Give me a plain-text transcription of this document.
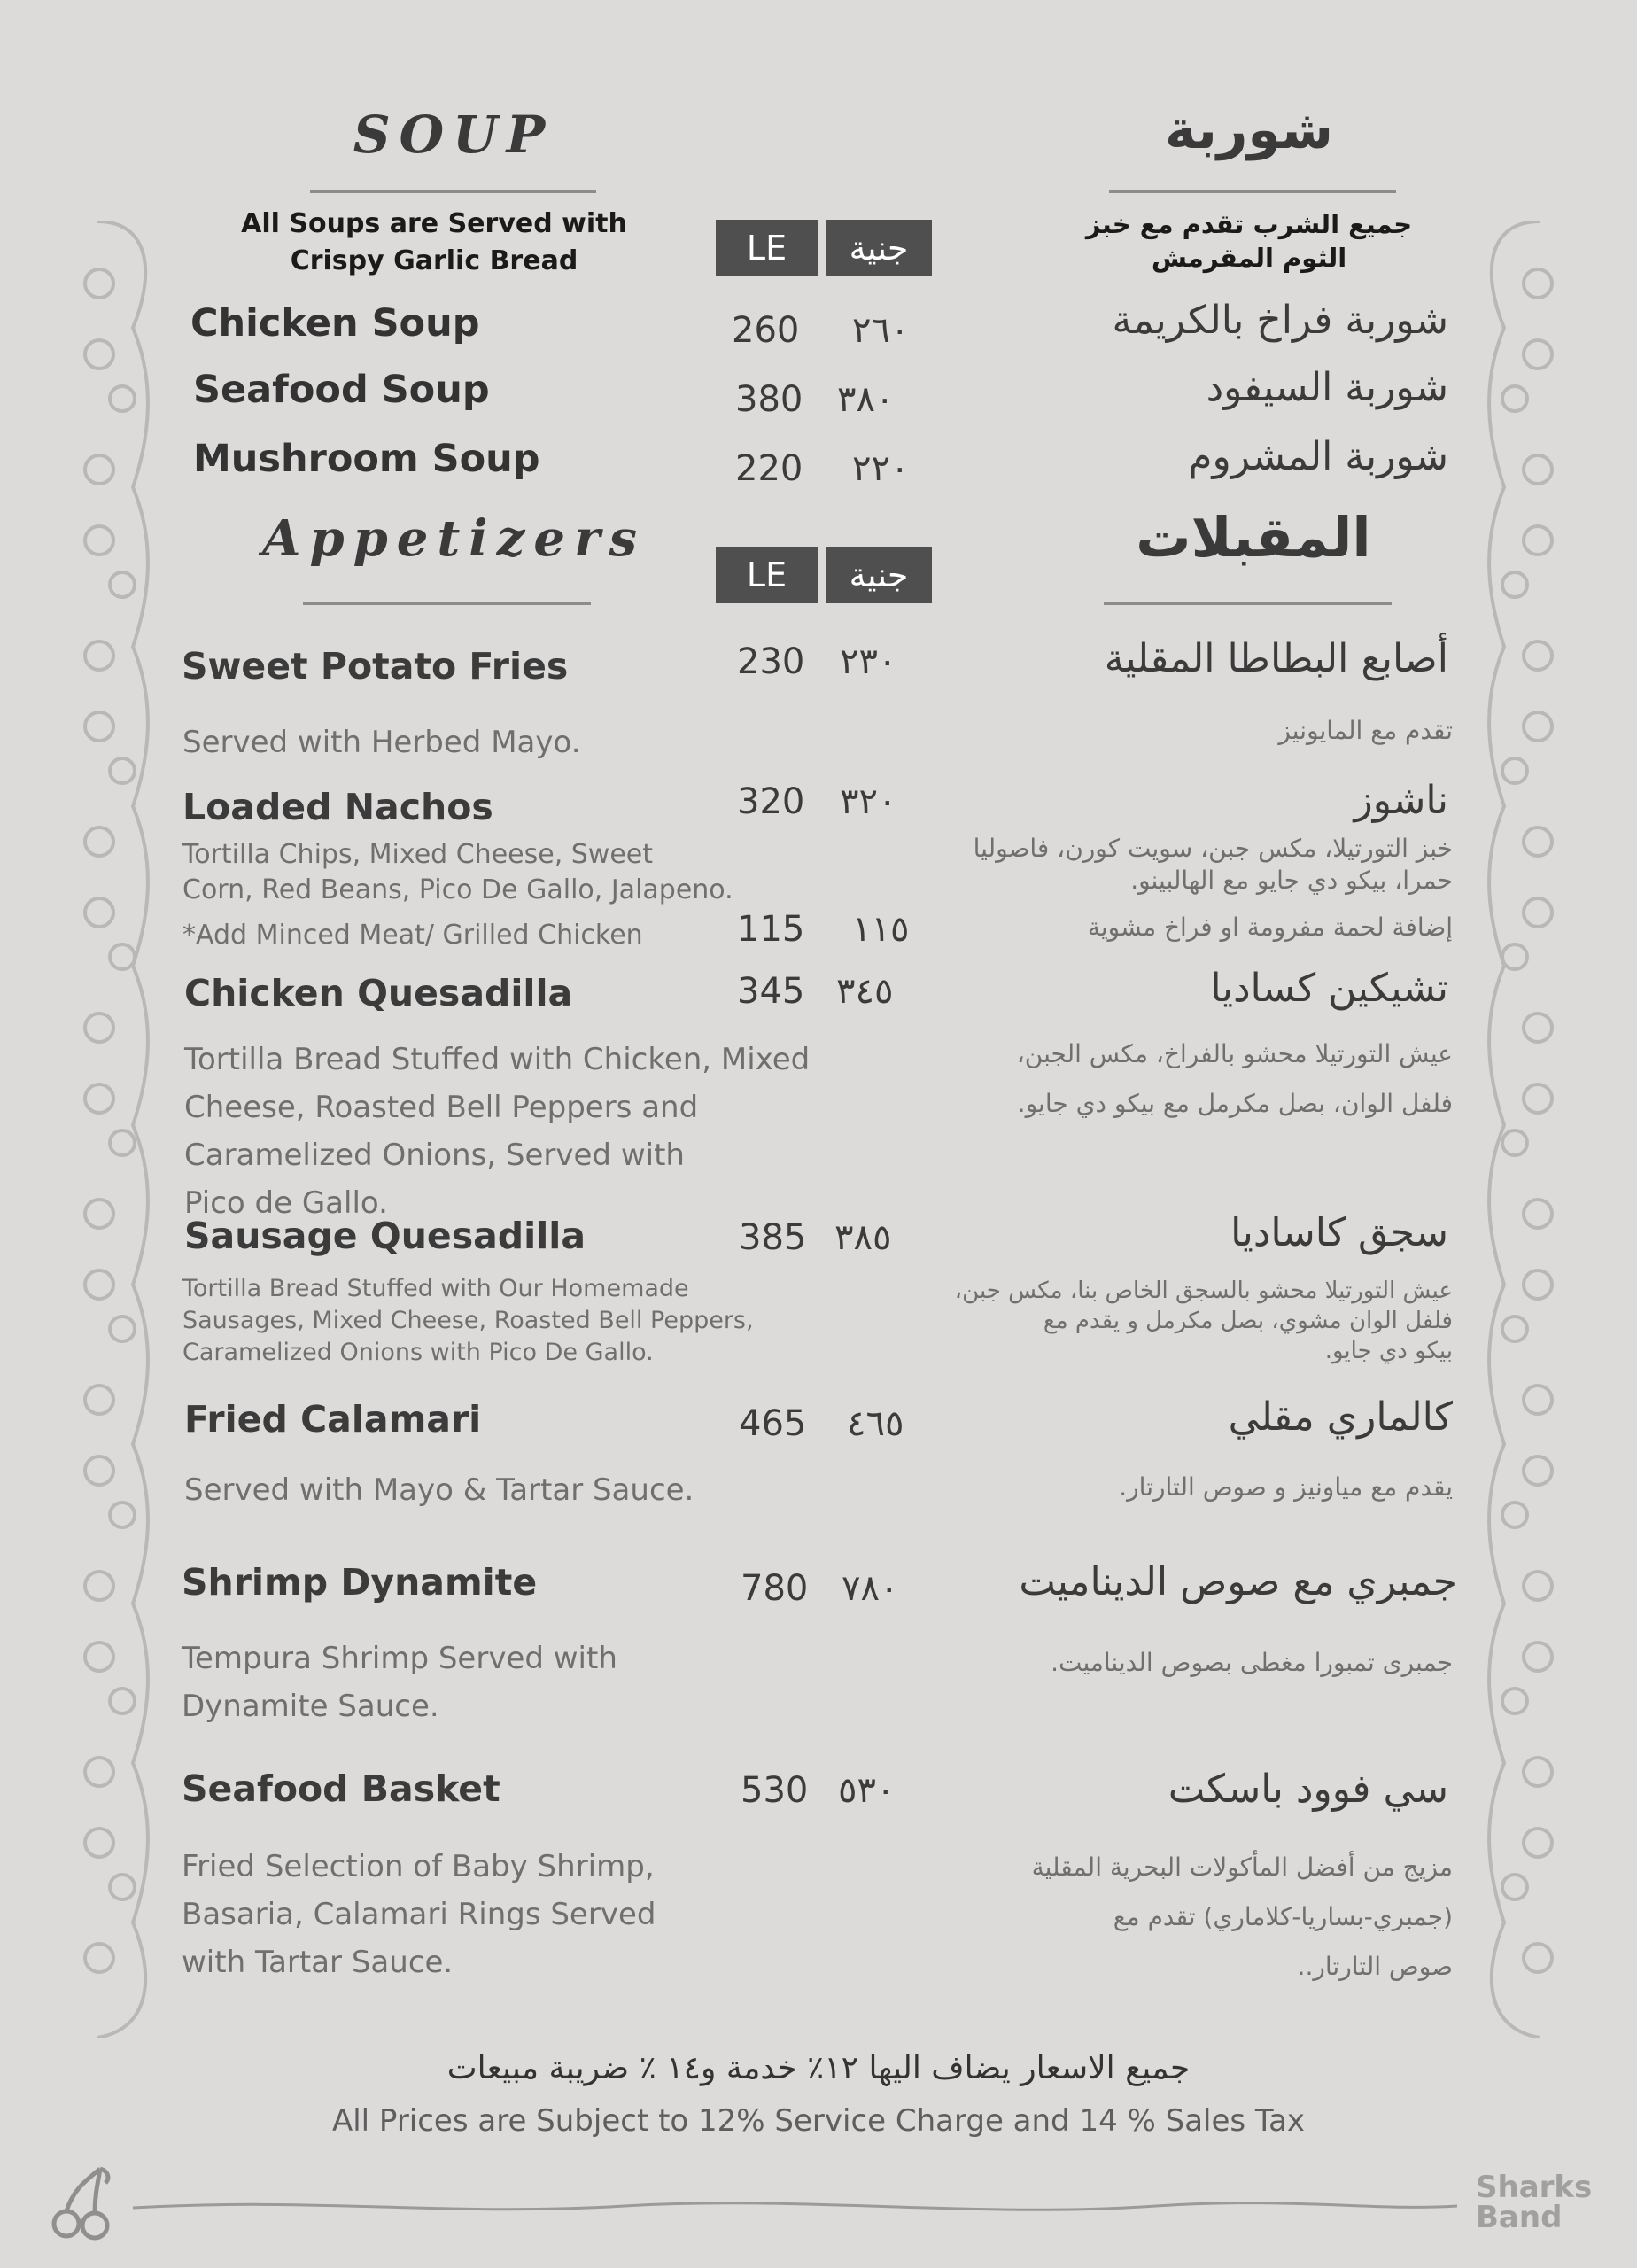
SOUP	شوربة
All Soups are Served with
Crispy Garlic Bread
جميع الشرب تقدم مع خبز
الثوم المقرمش
LE	جنية
Chicken Soup	260 ٢٦٠	شوربة فراخ بالكريمة
Seafood Soup	380 ٣٨٠	شوربة السيفود
Mushroom Soup	220 ٢٢٠	شوربة المشروم
Appetizers	المقبلات
LE	جنية
Sweet Potato Fries	230 ٢٣٠	أصابع البطاطا المقلية
Served with Herbed Mayo.	تقدم مع المايونيز
Loaded Nachos	320 ٣٢٠	ناشوز
Tortilla Chips, Mixed Cheese, Sweet
Corn, Red Beans, Pico De Gallo, Jalapeno.
خبز التورتيلا، مكس جبن، سويت كورن، فاصوليا
حمرا، بيكو دي جايو مع الهالبينو.
*Add Minced Meat/ Grilled Chicken	115 ١١٥	إضافة لحمة مفرومة او فراخ مشوية
Chicken Quesadilla	345 ٣٤٥	تشيكين كساديا
Tortilla Bread Stuffed with Chicken, Mixed
Cheese, Roasted Bell Peppers and
Caramelized Onions, Served with
Pico de Gallo.
عيش التورتيلا محشو بالفراخ، مكس الجبن،
فلفل الوان، بصل مكرمل مع بيكو دي جايو.
Sausage Quesadilla	385 ٣٨٥	سجق كاساديا
Tortilla Bread Stuffed with Our Homemade
Sausages, Mixed Cheese, Roasted Bell Peppers,
Caramelized Onions with Pico De Gallo.
عيش التورتيلا محشو بالسجق الخاص بنا، مكس جبن،
فلفل الوان مشوي، بصل مكرمل و يقدم مع
بيكو دي جايو.
Fried Calamari	465 ٤٦٥	كالماري مقلي
Served with Mayo & Tartar Sauce.	يقدم مع مياونيز و صوص التارتار.
Shrimp Dynamite	780 ٧٨٠	جمبري مع صوص الديناميت
Tempura Shrimp Served with
Dynamite Sauce.
جمبرى تمبورا مغطى بصوص الديناميت.
Seafood Basket	530 ٥٣٠	سي فوود باسكت
Fried Selection of Baby Shrimp,
Basaria, Calamari Rings Served
with Tartar Sauce.
مزيج من أفضل المأكولات البحرية المقلية
(جمبري-بساريا-كلاماري) تقدم مع
صوص التارتار..
جميع الاسعار يضاف اليها ١٢٪ خدمة و١٤ ٪ ضريبة مبيعات
All Prices are Subject to 12% Service Charge and 14 % Sales Tax
Sharks
Band
